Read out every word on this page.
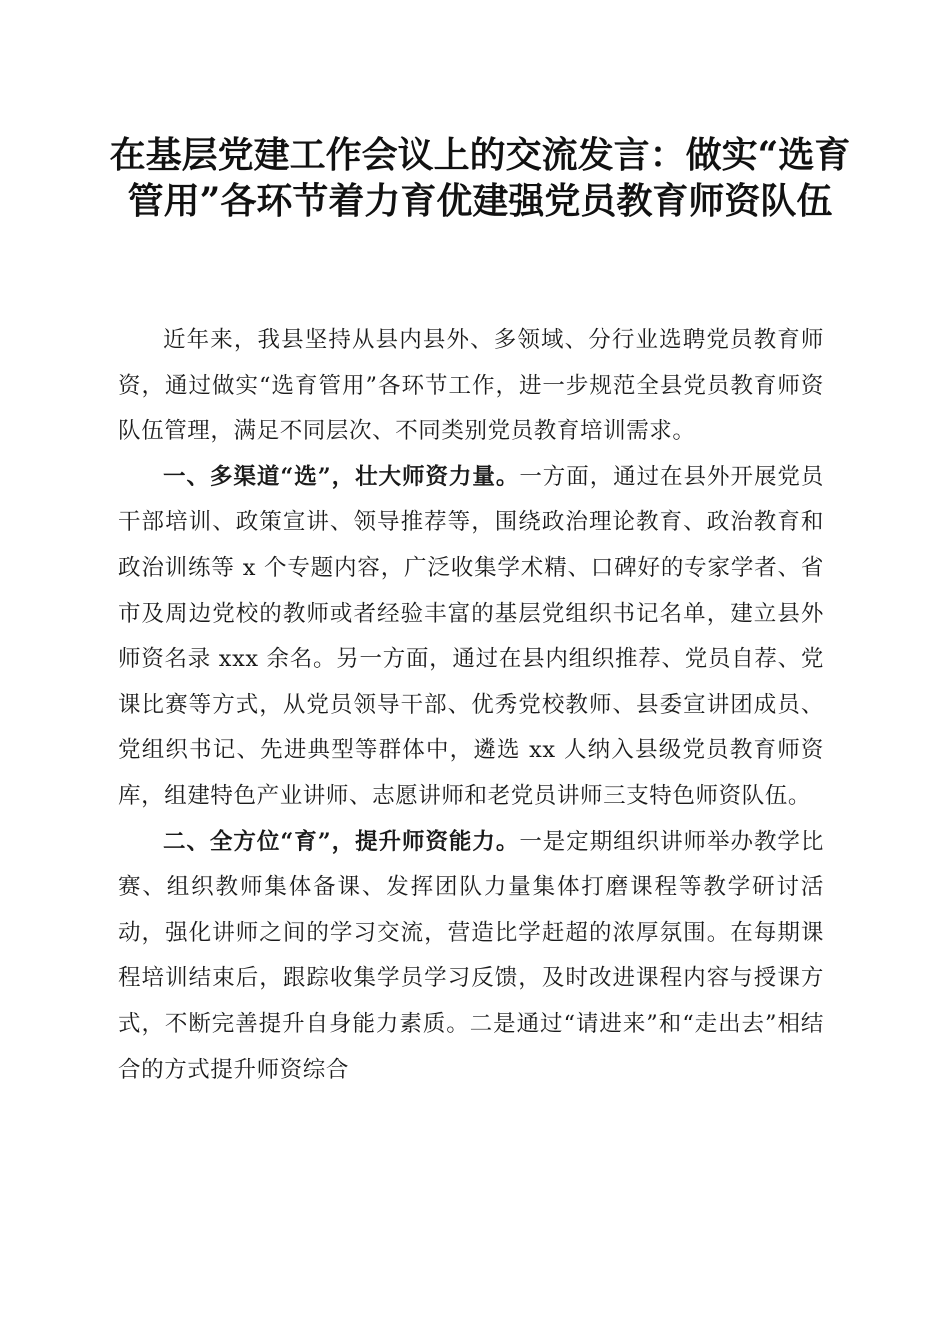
在基层党建工作会议上的交流发言：做实“选育管用”各环节着力育优建强党员教育师资队伍

近年来，我县坚持从县内县外、多领域、分行业选聘党员教育师资，通过做实“选育管用”各环节工作，进一步规范全县党员教育师资队伍管理，满足不同层次、不同类别党员教育培训需求。

一、多渠道“选”，壮大师资力量。一方面，通过在县外开展党员干部培训、政策宣讲、领导推荐等，围绕政治理论教育、政治教育和政治训练等 x 个专题内容，广泛收集学术精、口碑好的专家学者、省市及周边党校的教师或者经验丰富的基层党组织书记名单，建立县外师资名录 xxx 余名。另一方面，通过在县内组织推荐、党员自荐、党课比赛等方式，从党员领导干部、优秀党校教师、县委宣讲团成员、党组织书记、先进典型等群体中，遴选 xx 人纳入县级党员教育师资库，组建特色产业讲师、志愿讲师和老党员讲师三支特色师资队伍。

二、全方位“育”，提升师资能力。一是定期组织讲师举办教学比赛、组织教师集体备课、发挥团队力量集体打磨课程等教学研讨活动，强化讲师之间的学习交流，营造比学赶超的浓厚氛围。在每期课程培训结束后，跟踪收集学员学习反馈，及时改进课程内容与授课方式，不断完善提升自身能力素质。二是通过“请进来”和“走出去”相结合的方式提升师资综合
